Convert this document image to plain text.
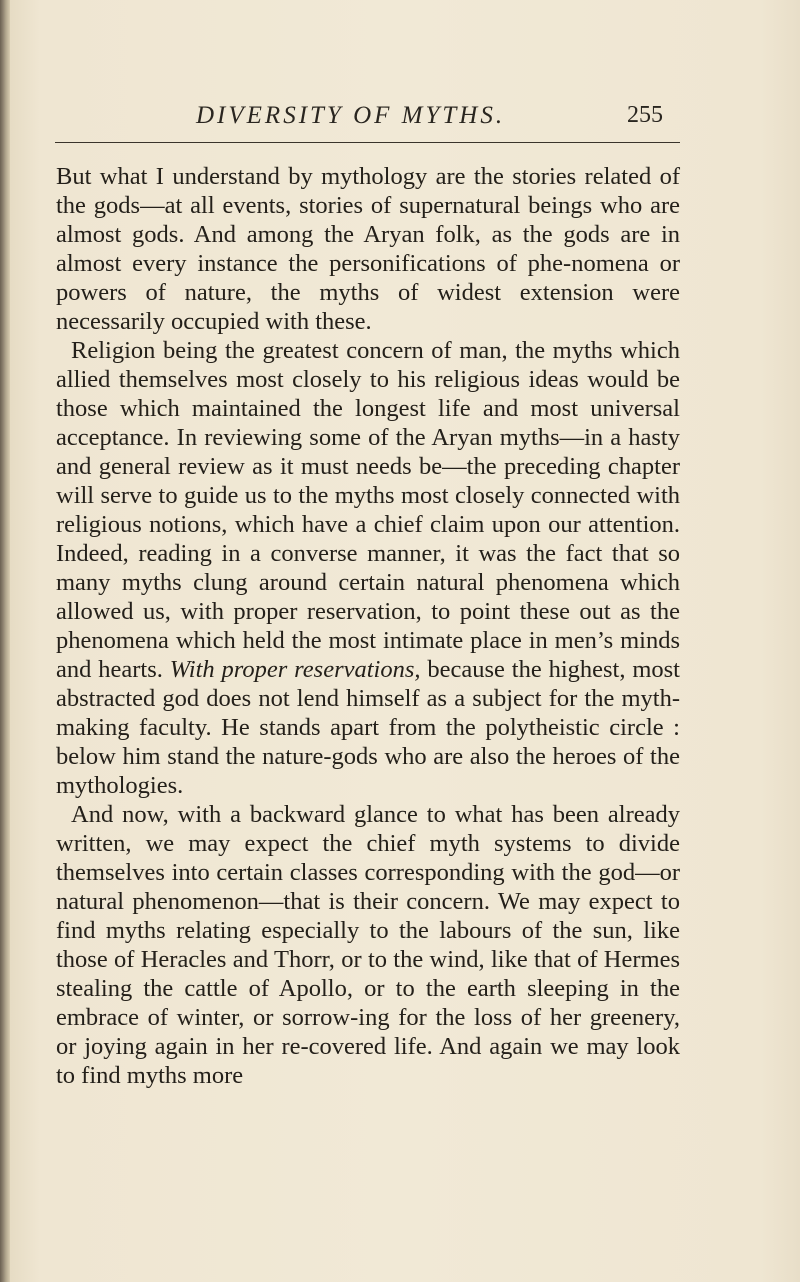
DIVERSITY OF MYTHS.	255

But what I understand by mythology are the stories related of the gods—at all events, stories of supernatural beings who are almost gods. And among the Aryan folk, as the gods are in almost every instance the personifications of phe-nomena or powers of nature, the myths of widest extension were necessarily occupied with these.

Religion being the greatest concern of man, the myths which allied themselves most closely to his religious ideas would be those which maintained the longest life and most universal acceptance. In reviewing some of the Aryan myths—in a hasty and general review as it must needs be—the preceding chapter will serve to guide us to the myths most closely connected with religious notions, which have a chief claim upon our attention. Indeed, reading in a converse manner, it was the fact that so many myths clung around certain natural phenomena which allowed us, with proper reservation, to point these out as the phenomena which held the most intimate place in men’s minds and hearts. With proper reservations, because the highest, most abstracted god does not lend himself as a subject for the myth-making faculty. He stands apart from the polytheistic circle : below him stand the nature-gods who are also the heroes of the mythologies.

And now, with a backward glance to what has been already written, we may expect the chief myth systems to divide themselves into certain classes corresponding with the god—or natural phenomenon—that is their concern. We may expect to find myths relating especially to the labours of the sun, like those of Heracles and Thorr, or to the wind, like that of Hermes stealing the cattle of Apollo, or to the earth sleeping in the embrace of winter, or sorrow-ing for the loss of her greenery, or joying again in her re-covered life. And again we may look to find myths more
